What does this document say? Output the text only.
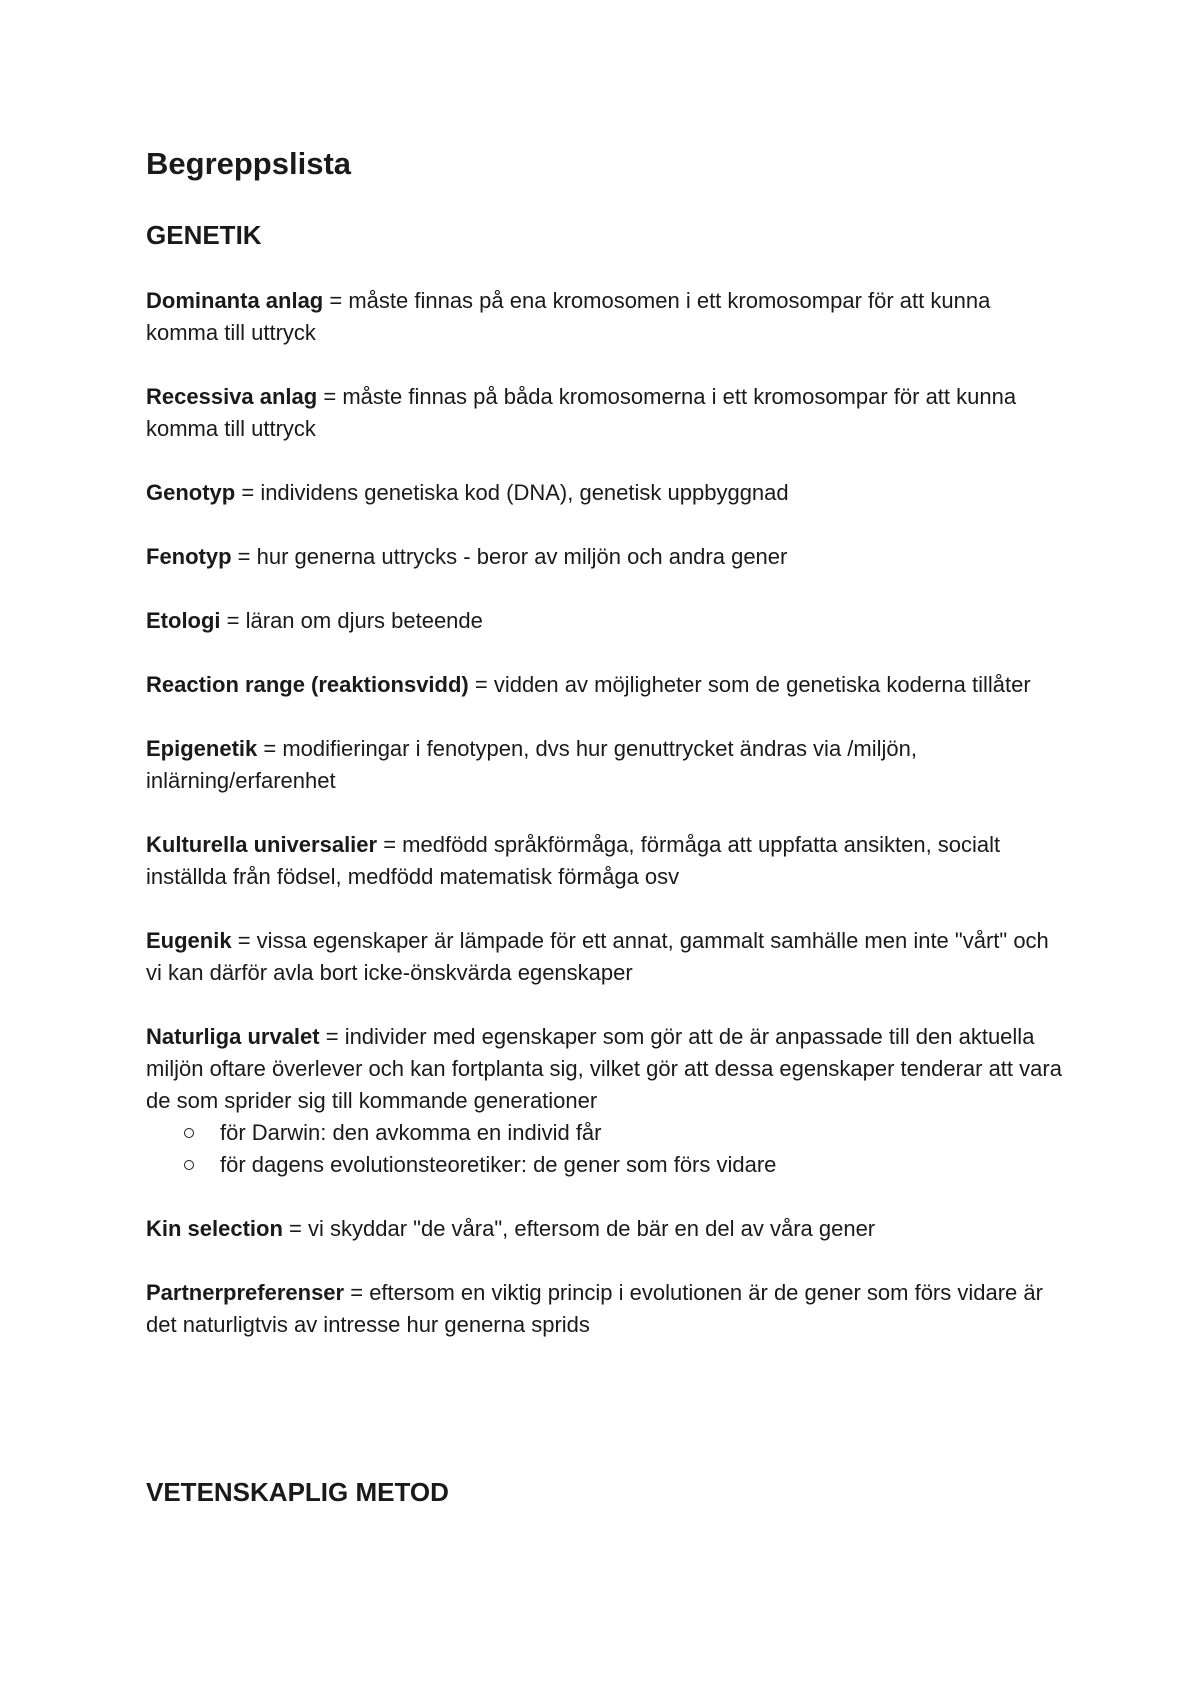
Begreppslista
GENETIK
Dominanta anlag = måste finnas på ena kromosomen i ett kromosompar för att kunna komma till uttryck
Recessiva anlag = måste finnas på båda kromosomerna i ett kromosompar för att kunna komma till uttryck
Genotyp = individens genetiska kod (DNA), genetisk uppbyggnad
Fenotyp = hur generna uttrycks - beror av miljön och andra gener
Etologi = läran om djurs beteende
Reaction range (reaktionsvidd) = vidden av möjligheter som de genetiska koderna tillåter
Epigenetik = modifieringar i fenotypen, dvs hur genuttrycket ändras via /miljön, inlärning/erfarenhet
Kulturella universalier = medfödd språkförmåga, förmåga att uppfatta ansikten, socialt inställda från födsel, medfödd matematisk förmåga osv
Eugenik = vissa egenskaper är lämpade för ett annat, gammalt samhälle men inte "vårt" och vi kan därför avla bort icke-önskvärda egenskaper
Naturliga urvalet = individer med egenskaper som gör att de är anpassade till den aktuella miljön oftare överlever och kan fortplanta sig, vilket gör att dessa egenskaper tenderar att vara de som sprider sig till kommande generationer
för Darwin: den avkomma en individ får
för dagens evolutionsteoretiker: de gener som förs vidare
Kin selection = vi skyddar "de våra", eftersom de bär en del av våra gener
Partnerpreferenser = eftersom en viktig princip i evolutionen är de gener som förs vidare är det naturligtvis av intresse hur generna sprids
VETENSKAPLIG METOD
